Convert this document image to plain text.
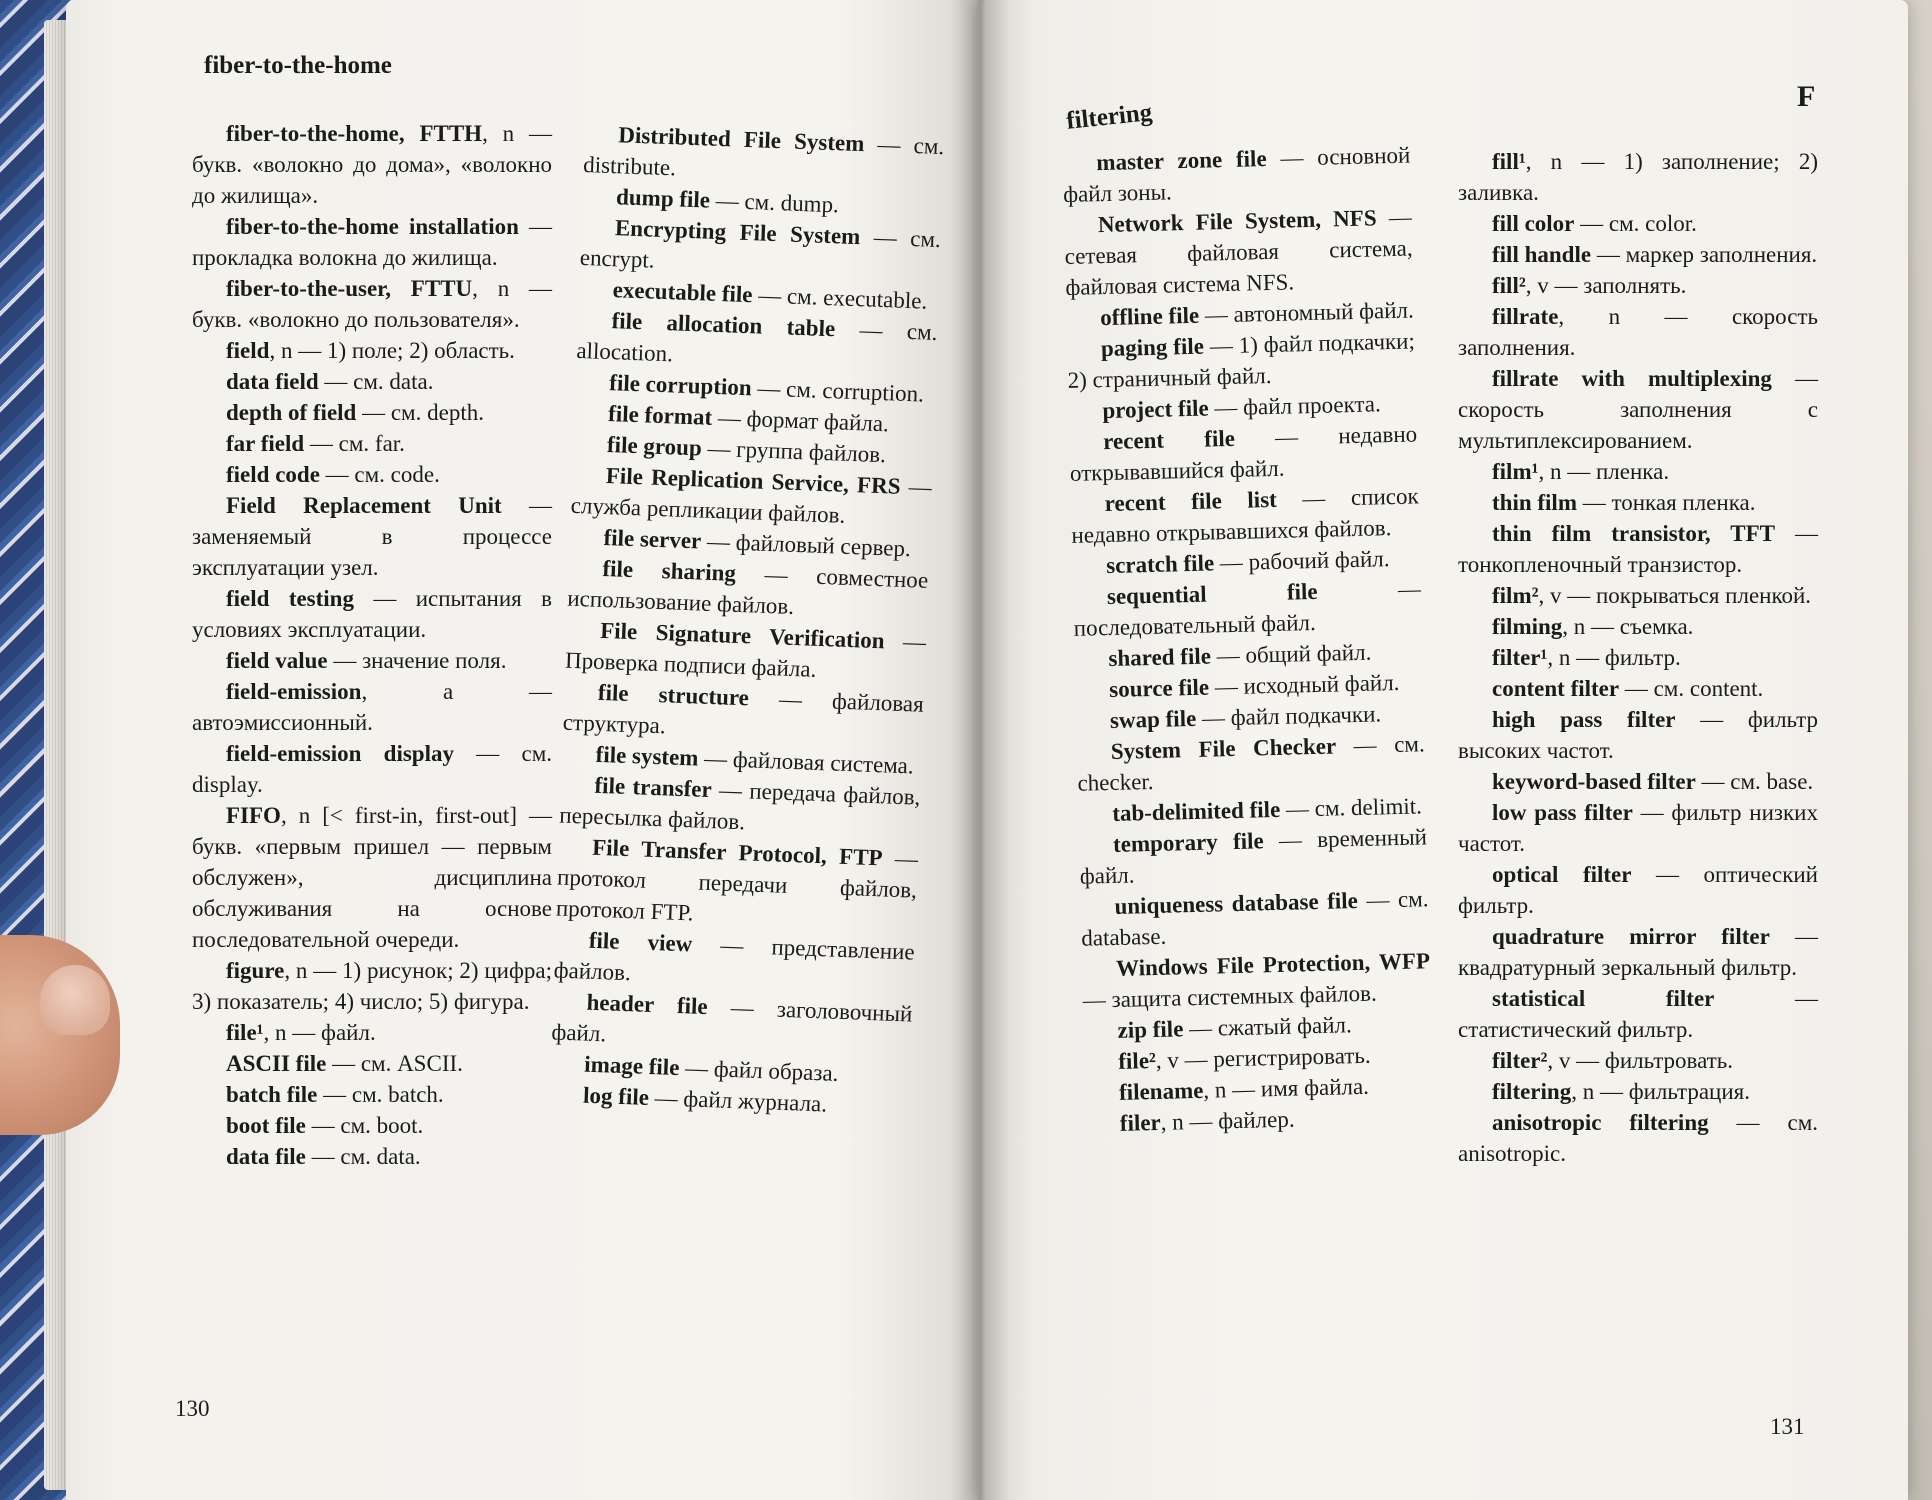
fiber-to-the-home
filtering
F

fiber-to-the-home, FTTH, n — букв. «волокно до дома», «волокно до жилища».

fiber-to-the-home installation — прокладка волокна до жилища.

fiber-to-the-user, FTTU, n — букв. «волокно до пользователя».

field, n — 1) поле; 2) область.

data field — см. data.

depth of field — см. depth.

far field — см. far.

field code — см. code.

Field Replacement Unit — заменяемый в процессе эксплуатации узел.

field testing — испытания в условиях эксплуатации.

field value — значение поля.

field-emission, a — автоэмиссионный.

field-emission display — см. display.

FIFO, n [< first-in, first-out] — букв. «первым пришел — первым обслужен», дисциплина обслуживания на основе последовательной очереди.

figure, n — 1) рисунок; 2) цифра; 3) показатель; 4) число; 5) фигура.

file¹, n — файл.

ASCII file — см. ASCII.

batch file — см. batch.

boot file — см. boot.

data file — см. data.

Distributed File System — см. distribute.

dump file — см. dump.

Encrypting File System — см. encrypt.

executable file — см. executable.

file allocation table — см. allocation.

file corruption — см. corruption.

file format — формат файла.

file group — группа файлов.

File Replication Service, FRS — служба репликации файлов.

file server — файловый сервер.

file sharing — совместное использование файлов.

File Signature Verification — Проверка подписи файла.

file structure — файловая структура.

file system — файловая система.

file transfer — передача файлов, пересылка файлов.

File Transfer Protocol, FTP — протокол передачи файлов, протокол FTP.

file view — представление файлов.

header file — заголовочный файл.

image file — файл образа.

log file — файл журнала.

master zone file — основной файл зоны.

Network File System, NFS — сетевая файловая система, файловая система NFS.

offline file — автономный файл.

paging file — 1) файл подкачки; 2) страничный файл.

project file — файл проекта.

recent file — недавно открывавшийся файл.

recent file list — список недавно открывавшихся файлов.

scratch file — рабочий файл.

sequential file — последовательный файл.

shared file — общий файл.

source file — исходный файл.

swap file — файл подкачки.

System File Checker — см. checker.

tab-delimited file — см. delimit.

temporary file — временный файл.

uniqueness database file — см. database.

Windows File Protection, WFP — защита системных файлов.

zip file — сжатый файл.

file², v — регистрировать.

filename, n — имя файла.

filer, n — файлер.

fill¹, n — 1) заполнение; 2) заливка.

fill color — см. color.

fill handle — маркер заполнения.

fill², v — заполнять.

fillrate, n — скорость заполнения.

fillrate with multiplexing — скорость заполнения с мультиплексированием.

film¹, n — пленка.

thin film — тонкая пленка.

thin film transistor, TFT — тонкопленочный транзистор.

film², v — покрываться пленкой.

filming, n — съемка.

filter¹, n — фильтр.

content filter — см. content.

high pass filter — фильтр высоких частот.

keyword-based filter — см. base.

low pass filter — фильтр низких частот.

optical filter — оптический фильтр.

quadrature mirror filter — квадратурный зеркальный фильтр.

statistical filter — статистический фильтр.

filter², v — фильтровать.

filtering, n — фильтрация.

anisotropic filtering — см. anisotropic.

130
131
